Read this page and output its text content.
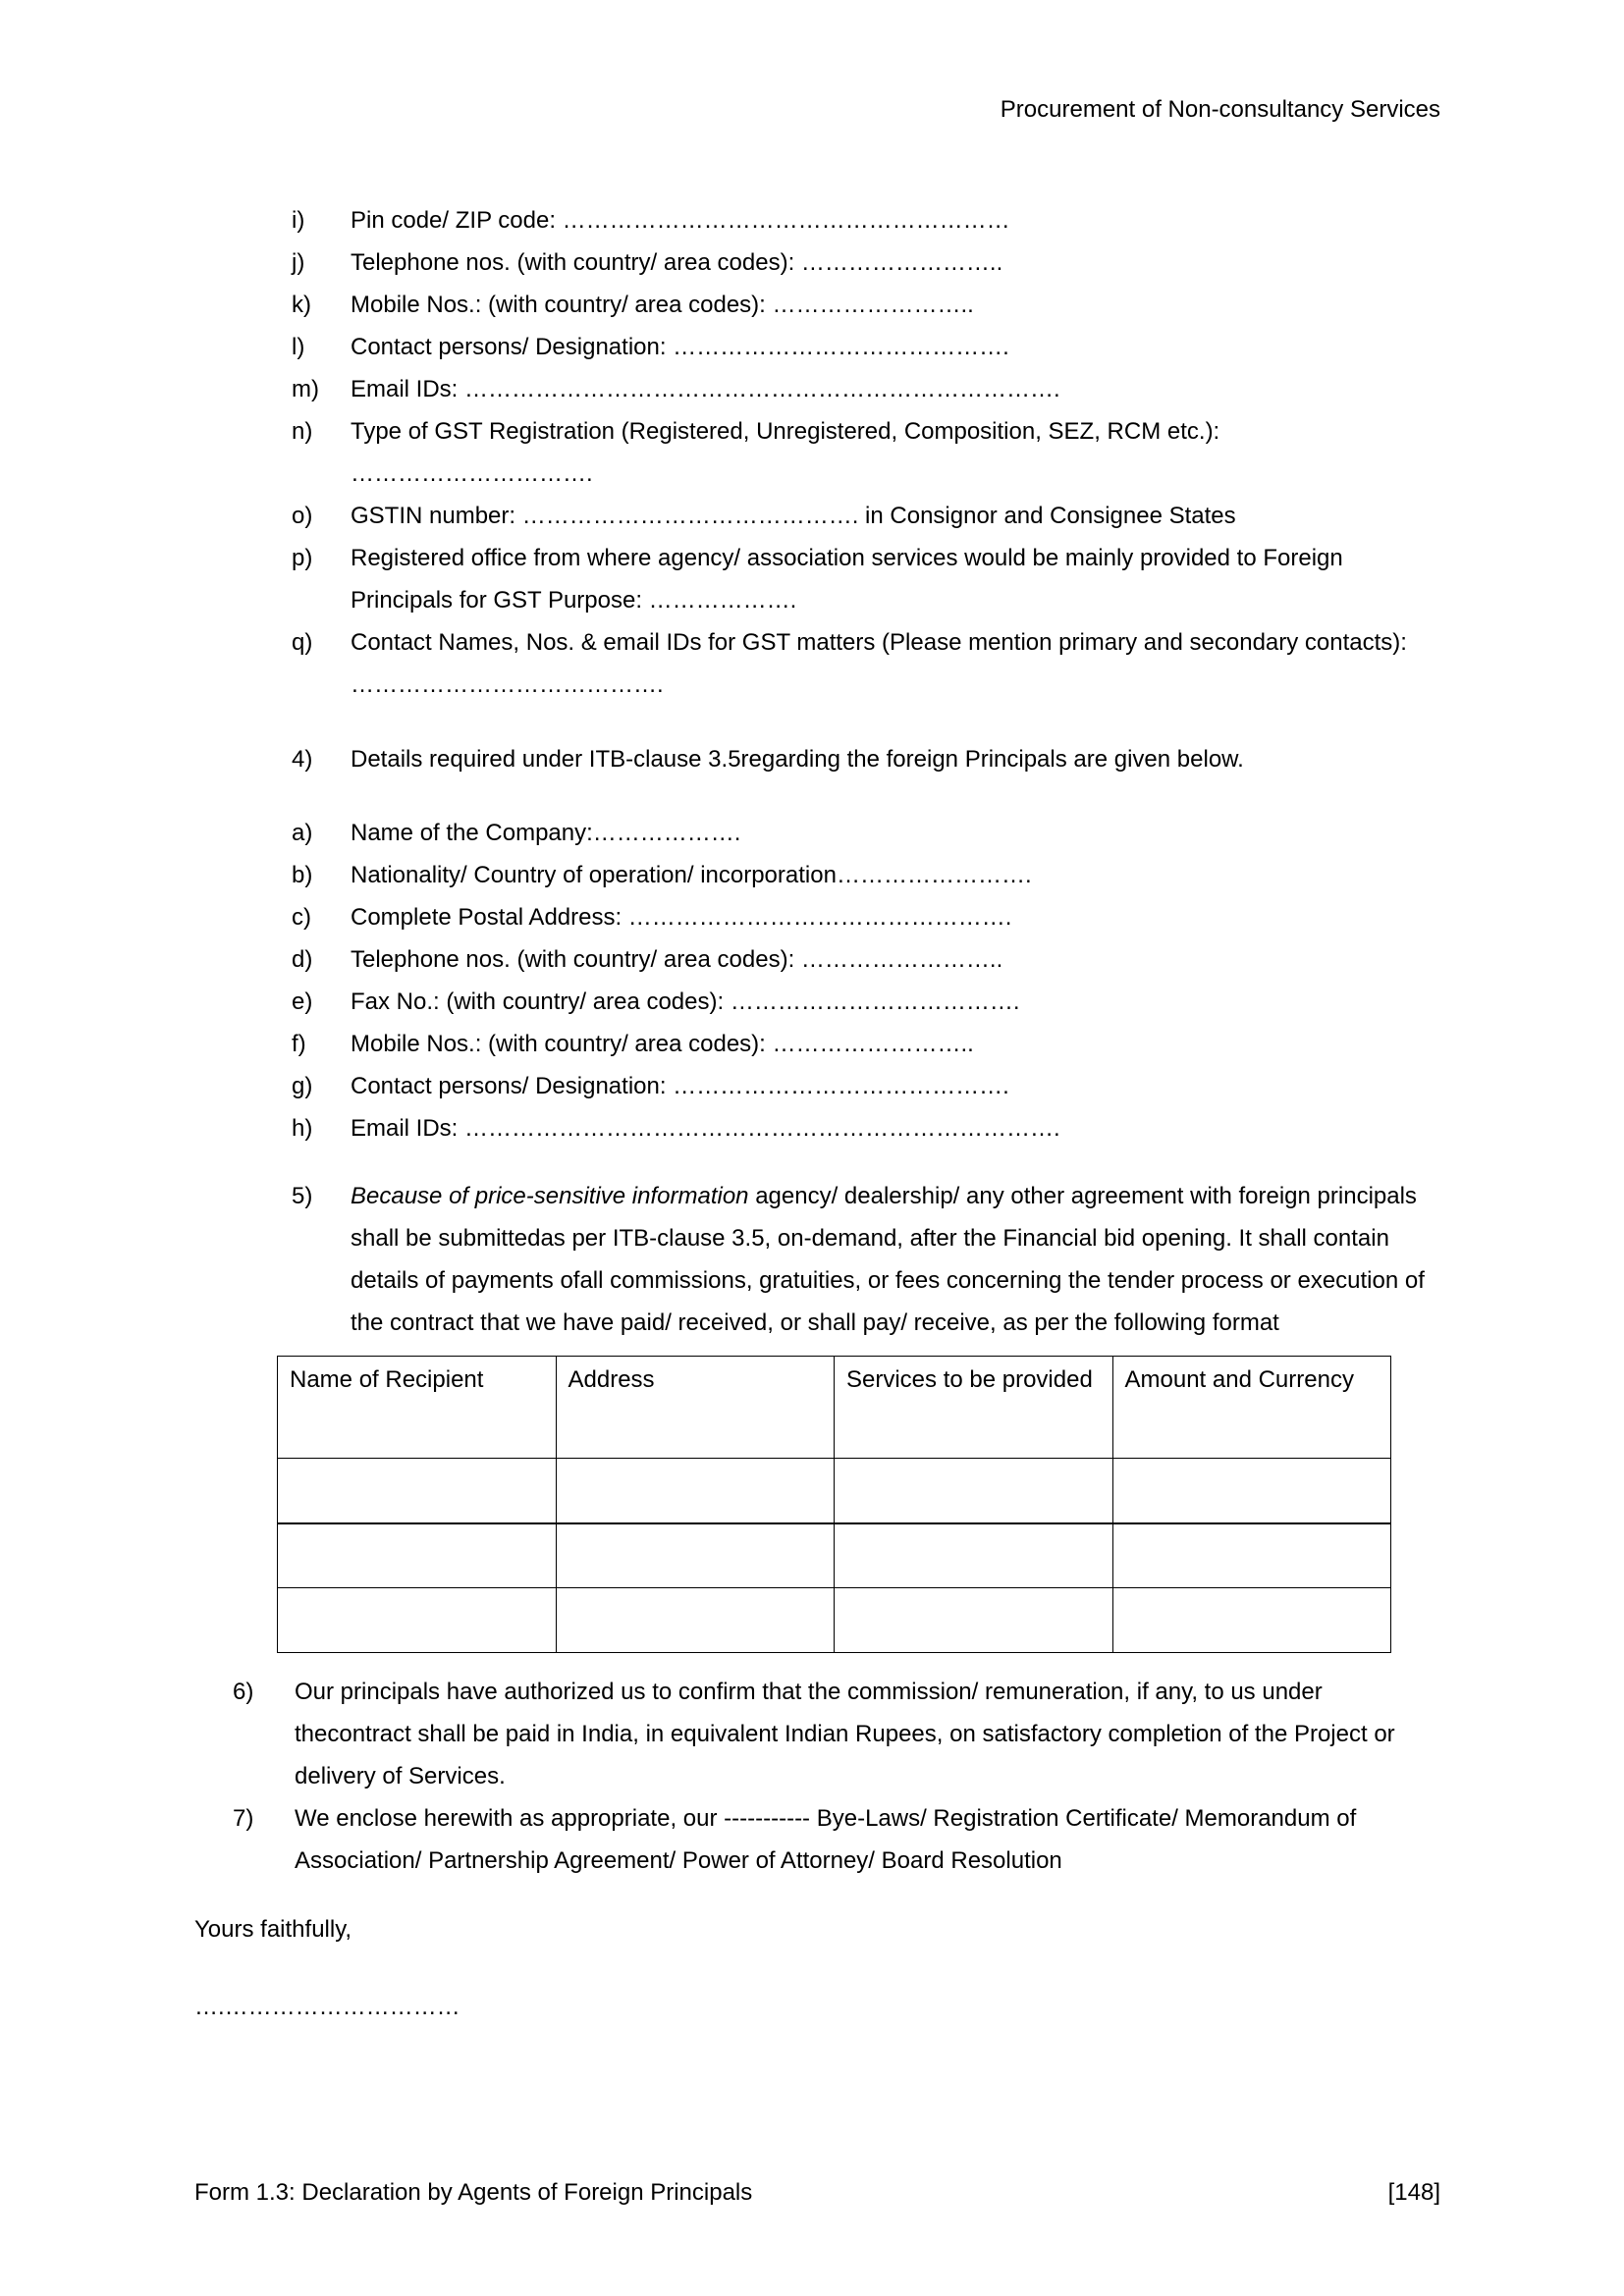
Procurement of Non-consultancy Services
i)	Pin code/ ZIP code: …………………………………………………
j)	Telephone nos. (with country/ area codes): ……………………..
k)	Mobile Nos.: (with country/ area codes): ……………………..
l)	Contact persons/ Designation: …………………………………….
m)	Email IDs: ………………………………………………………………….
n)	Type of GST Registration (Registered, Unregistered, Composition, SEZ, RCM etc.):
………………………….
o)	GSTIN number: ……………………………………. in Consignor and Consignee States
p)	Registered office from where agency/ association services would be mainly provided to Foreign Principals for GST Purpose: ……………….
q)	Contact Names, Nos. & email IDs for GST matters (Please mention primary and secondary contacts): ………………………………….
4)	Details required under ITB-clause 3.5regarding the foreign Principals are given below.
a)	Name of the Company:……………….
b)	Nationality/ Country of operation/ incorporation…………………….
c)	Complete Postal Address: ………………………………………….
d)	Telephone nos. (with country/ area codes): ……………………..
e)	Fax No.: (with country/ area codes): ……………………………….
f)	Mobile Nos.: (with country/ area codes): ……………………..
g)	Contact persons/ Designation: …………………………………….
h)	Email IDs: ………………………………………………………………….
5)	Because of price-sensitive information agency/ dealership/ any other agreement with foreign principals shall be submittedas per ITB-clause 3.5, on-demand, after the Financial bid opening. It shall contain details of payments ofall commissions, gratuities, or fees concerning the tender process or execution of the contract that we have paid/ received, or shall pay/ receive, as per the following format
Name of Recipient	Address	Services to be provided	Amount and Currency

6)	Our principals have authorized us to confirm that the commission/ remuneration, if any, to us under thecontract shall be paid in India, in equivalent Indian Rupees, on satisfactory completion of the Project or delivery of Services.
7)	We enclose herewith as appropriate, our ----------- Bye-Laws/ Registration Certificate/ Memorandum of Association/ Partnership Agreement/ Power of Attorney/ Board Resolution
Yours faithfully,
….…………………………
Form 1.3: Declaration by Agents of Foreign Principals	[148]
